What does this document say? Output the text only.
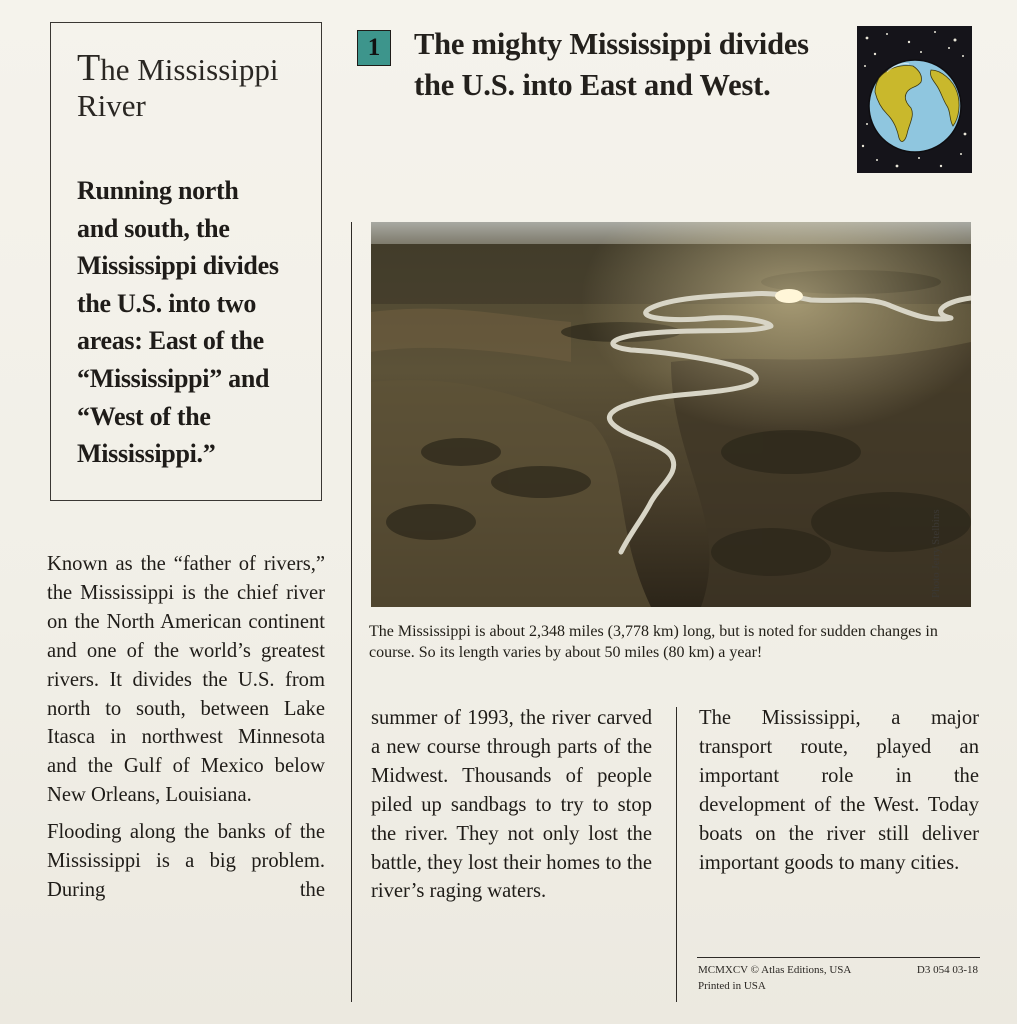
The Mississippi
River
Running north
and south, the
Mississippi divides
the U.S. into two
areas: East of the
“Mississippi” and
“West of the
Mississippi.”
1	The mighty Mississippi divides
the U.S. into East and West.
Photo Jerry Stelbins
The Mississippi is about 2,348 miles (3,778 km) long, but is noted for sudden changes in course. So its length varies by about 50 miles (80 km) a year!

Known as the “father of rivers,” the Mississippi is the chief river on the North American continent and one of the world’s greatest rivers. It divides the U.S. from north to south, between Lake Itasca in northwest Minnesota and the Gulf of Mexico below New Orleans, Louisiana.

Flooding along the banks of the Mississippi is a big problem. During the

summer of 1993, the river carved a new course through parts of the Midwest. Thousands of people piled up sandbags to try to stop the river. They not only lost the battle, they lost their homes to the river’s raging waters.

The Mississippi, a major transport route, played an important role in the development of the West. Today boats on the river still deliver important goods to many cities.

MCMXCV © Atlas Editions, USA	D3 054 03-18
Printed in USA
